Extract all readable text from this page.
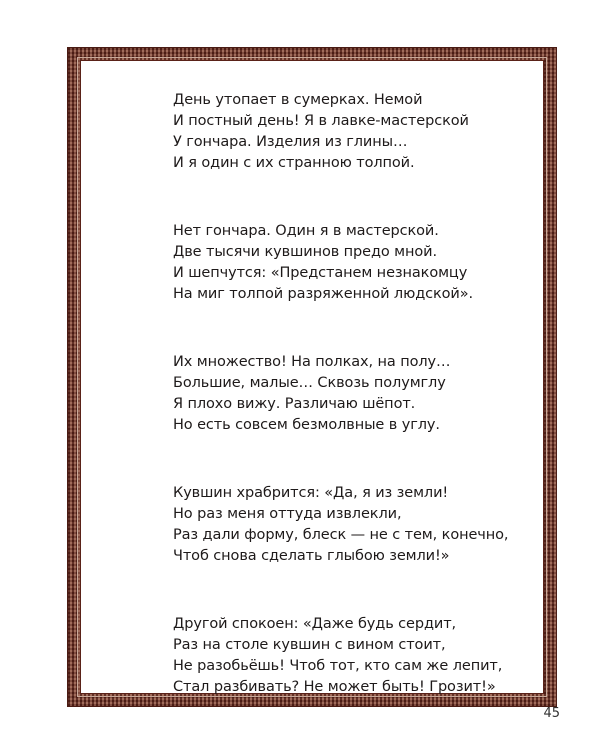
День утопает в сумерках. Немой
И постный день! Я в лавке-мастерской
У гончара. Изделия из глины…
И я один с их странною толпой.

Нет гончара. Один я в мастерской.
Две тысячи кувшинов предо мной.
И шепчутся: «Предстанем незнакомцу
На миг толпой разряженной людской».

Их множество! На полках, на полу…
Большие, малые… Сквозь полумглу
Я плохо вижу. Различаю шёпот.
Но есть совсем безмолвные в углу.

Кувшин храбрится: «Да, я из земли!
Но раз меня оттуда извлекли,
Раз дали форму, блеск — не с тем, конечно,
Чтоб снова сделать глыбою земли!»

Другой спокоен: «Даже будь сердит,
Раз на столе кувшин с вином стоит,
Не разобьёшь! Чтоб тот, кто сам же лепит,
Стал разбивать? Не может быть! Грозит!»

45
